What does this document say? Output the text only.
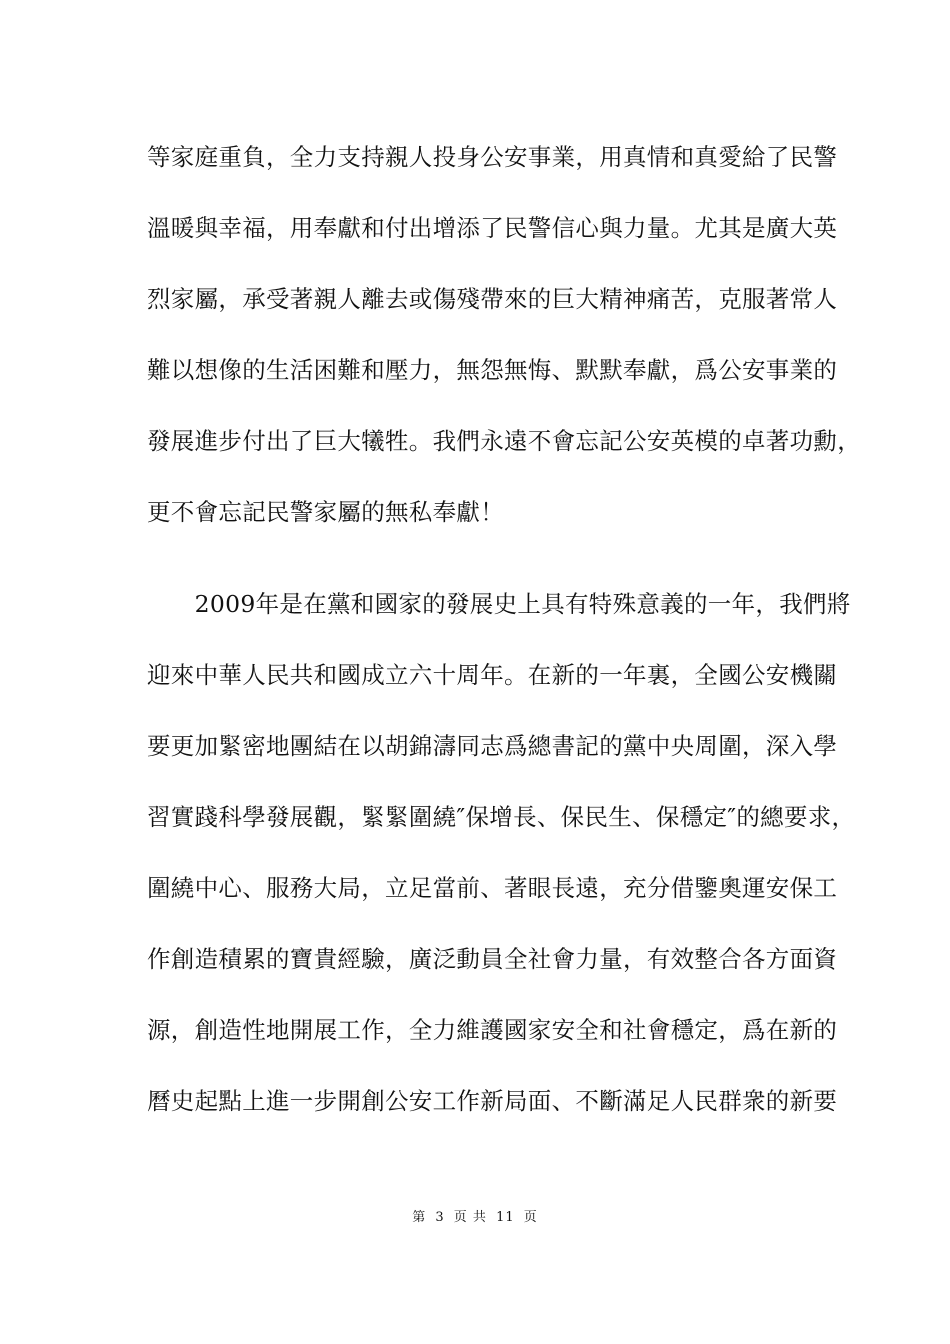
等家庭重負，全力支持親人投身公安事業，用真情和真愛給了民警
溫暖與幸福，用奉獻和付出增添了民警信心與力量。尤其是廣大英
烈家屬，承受著親人離去或傷殘帶來的巨大精神痛苦，克服著常人
難以想像的生活困難和壓力，無怨無悔、默默奉獻，爲公安事業的
發展進步付出了巨大犧牲。我們永遠不會忘記公安英模的卓著功勳，
更不會忘記民警家屬的無私奉獻！
　　2009年是在黨和國家的發展史上具有特殊意義的一年，我們將
迎來中華人民共和國成立六十周年。在新的一年裏，全國公安機關
要更加緊密地團結在以胡錦濤同志爲總書記的黨中央周圍，深入學
習實踐科學發展觀，緊緊圍繞″保增長、保民生、保穩定″的總要求，
圍繞中心、服務大局，立足當前、著眼長遠，充分借鑒奧運安保工
作創造積累的寶貴經驗，廣泛動員全社會力量，有效整合各方面資
源，創造性地開展工作，全力維護國家安全和社會穩定，爲在新的
曆史起點上進一步開創公安工作新局面、不斷滿足人民群衆的新要
第 3 页 共 11 页
